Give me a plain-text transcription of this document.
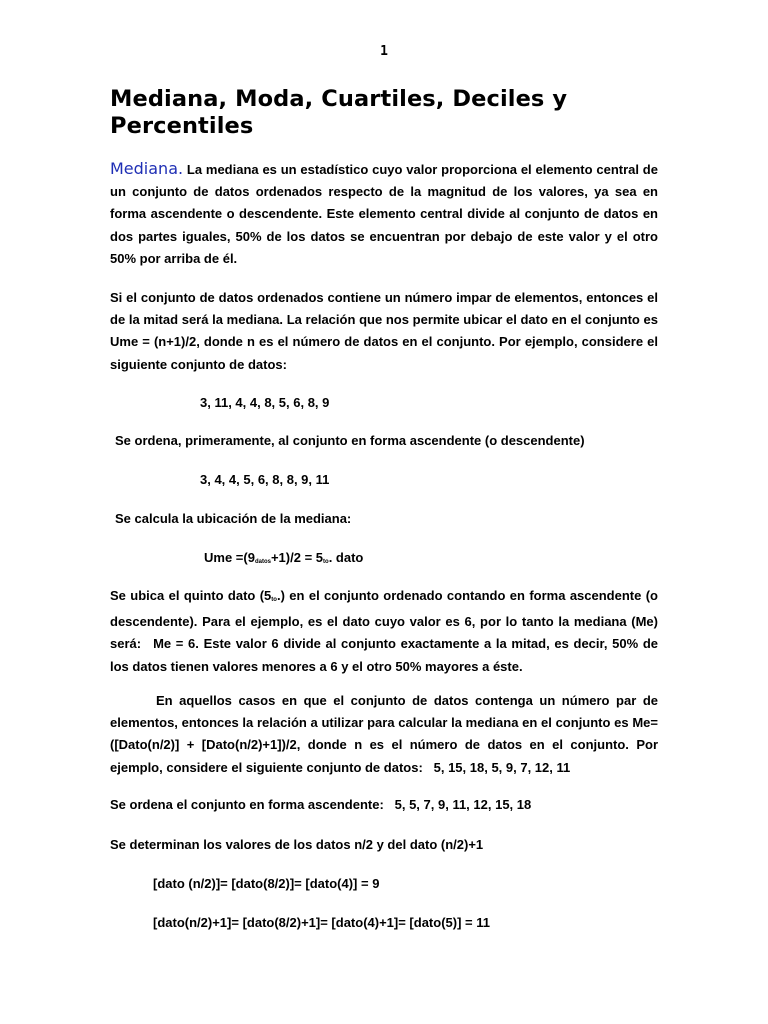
1
Mediana, Moda, Cuartiles, Deciles y Percentiles

Mediana. La mediana es un estadístico cuyo valor proporciona el elemento central de un conjunto de datos ordenados respecto de la magnitud de los valores, ya sea en forma ascendente o descendente. Este elemento central divide al conjunto de datos en dos partes iguales, 50% de los datos se encuentran por debajo de este valor y el otro 50% por arriba de él.

Si el conjunto de datos ordenados contiene un número impar de elementos, entonces el de la mitad será la mediana. La relación que nos permite ubicar el dato en el conjunto es Ume = (n+1)/2, donde n es el número de datos en el conjunto. Por ejemplo, considere el siguiente conjunto de datos:

3, 11, 4, 4, 8, 5, 6, 8, 9

Se ordena, primeramente, al conjunto en forma ascendente (o descendente)

3, 4, 4, 5, 6, 8, 8, 9, 11

Se calcula la ubicación de la mediana:

Ume =(9datos+1)/2 = 5to. dato

Se ubica el quinto dato (5to.) en el conjunto ordenado contando en forma ascendente (o descendente). Para el ejemplo, es el dato cuyo valor es 6, por lo tanto la mediana (Me) será: Me = 6. Este valor 6 divide al conjunto exactamente a la mitad, es decir, 50% de los datos tienen valores menores a 6 y el otro 50% mayores a éste.

En aquellos casos en que el conjunto de datos contenga un número par de elementos, entonces la relación a utilizar para calcular la mediana en el conjunto es Me= ([Dato(n/2)] + [Dato(n/2)+1])/2, donde n es el número de datos en el conjunto. Por ejemplo, considere el siguiente conjunto de datos: 5, 15, 18, 5, 9, 7, 12, 11

Se ordena el conjunto en forma ascendente: 5, 5, 7, 9, 11, 12, 15, 18

Se determinan los valores de los datos n/2 y del dato (n/2)+1

[dato (n/2)]= [dato(8/2)]= [dato(4)] = 9

[dato(n/2)+1]= [dato(8/2)+1]= [dato(4)+1]= [dato(5)] = 11
